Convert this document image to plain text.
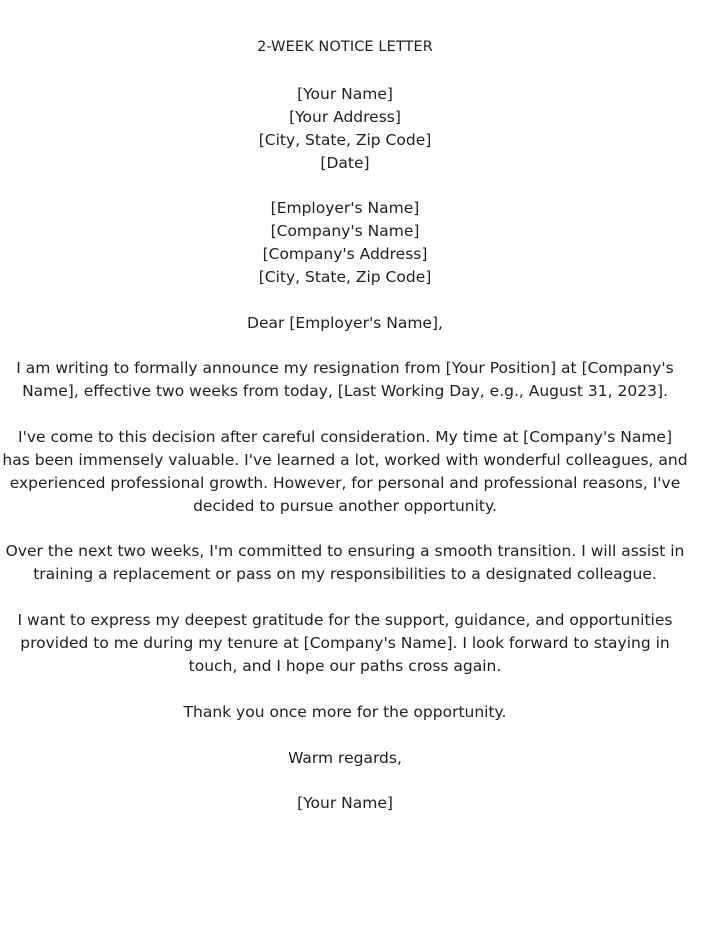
2-WEEK NOTICE LETTER
[Your Name]
[Your Address]
[City, State, Zip Code]
[Date]
[Employer's Name]
[Company's Name]
[Company's Address]
[City, State, Zip Code]
Dear [Employer's Name],
I am writing to formally announce my resignation from [Your Position] at [Company's
Name], effective two weeks from today, [Last Working Day, e.g., August 31, 2023].
I've come to this decision after careful consideration. My time at [Company's Name]
has been immensely valuable. I've learned a lot, worked with wonderful colleagues, and
experienced professional growth. However, for personal and professional reasons, I've
decided to pursue another opportunity.
Over the next two weeks, I'm committed to ensuring a smooth transition. I will assist in
training a replacement or pass on my responsibilities to a designated colleague.
I want to express my deepest gratitude for the support, guidance, and opportunities
provided to me during my tenure at [Company's Name]. I look forward to staying in
touch, and I hope our paths cross again.
Thank you once more for the opportunity.
Warm regards,
[Your Name]
